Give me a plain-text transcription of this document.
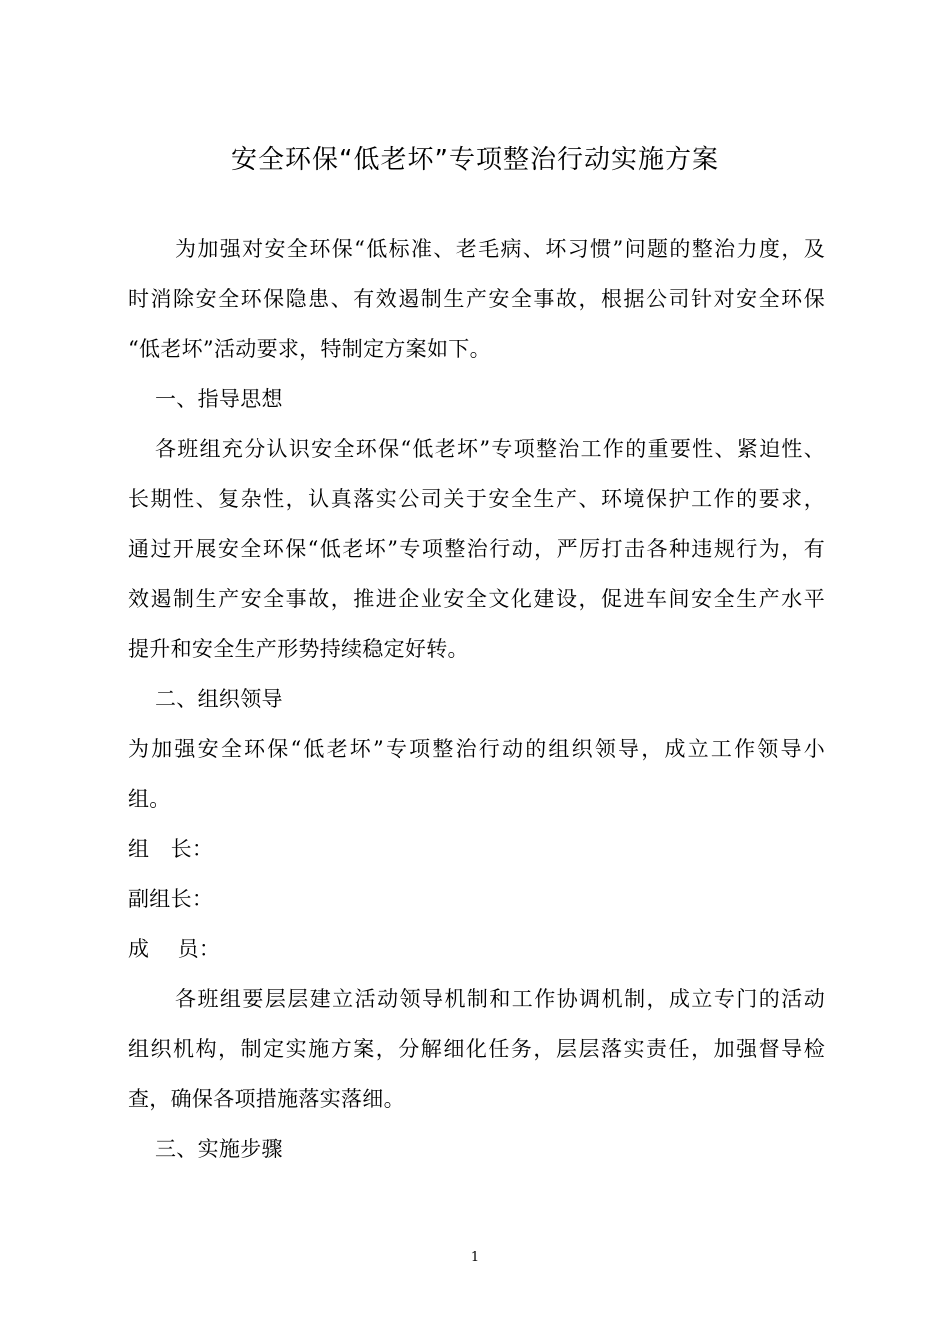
安全环保“低老坏”专项整治行动实施方案
为加强对安全环保“低标准、老毛病、坏习惯”问题的整治力度，及
时消除安全环保隐患、有效遏制生产安全事故，根据公司针对安全环保
“低老坏”活动要求，特制定方案如下。
一、指导思想
各班组充分认识安全环保“低老坏”专项整治工作的重要性、紧迫性、
长期性、复杂性，认真落实公司关于安全生产、环境保护工作的要求，
通过开展安全环保“低老坏”专项整治行动，严厉打击各种违规行为，有
效遏制生产安全事故，推进企业安全文化建设，促进车间安全生产水平
提升和安全生产形势持续稳定好转。
二、组织领导
为加强安全环保“低老坏”专项整治行动的组织领导，成立工作领导小
组。
组　长：
副组长：
成　 员：
各班组要层层建立活动领导机制和工作协调机制，成立专门的活动
组织机构，制定实施方案，分解细化任务，层层落实责任，加强督导检
查，确保各项措施落实落细。
三、实施步骤
1
